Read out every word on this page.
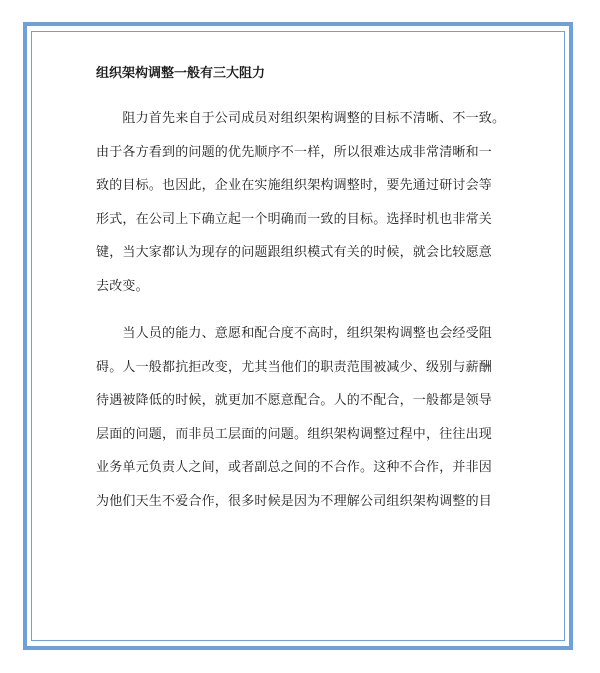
组织架构调整一般有三大阻力
　　阻力首先来自于公司成员对组织架构调整的目标不清晰、不一致。
由于各方看到的问题的优先顺序不一样，所以很难达成非常清晰和一
致的目标。也因此，企业在实施组织架构调整时，要先通过研讨会等
形式，在公司上下确立起一个明确而一致的目标。选择时机也非常关
键，当大家都认为现存的问题跟组织模式有关的时候，就会比较愿意
去改变。
　　当人员的能力、意愿和配合度不高时，组织架构调整也会经受阻
碍。人一般都抗拒改变，尤其当他们的职责范围被减少、级别与薪酬
待遇被降低的时候，就更加不愿意配合。人的不配合，一般都是领导
层面的问题，而非员工层面的问题。组织架构调整过程中，往往出现
业务单元负责人之间，或者副总之间的不合作。这种不合作，并非因
为他们天生不爱合作，很多时候是因为不理解公司组织架构调整的目
